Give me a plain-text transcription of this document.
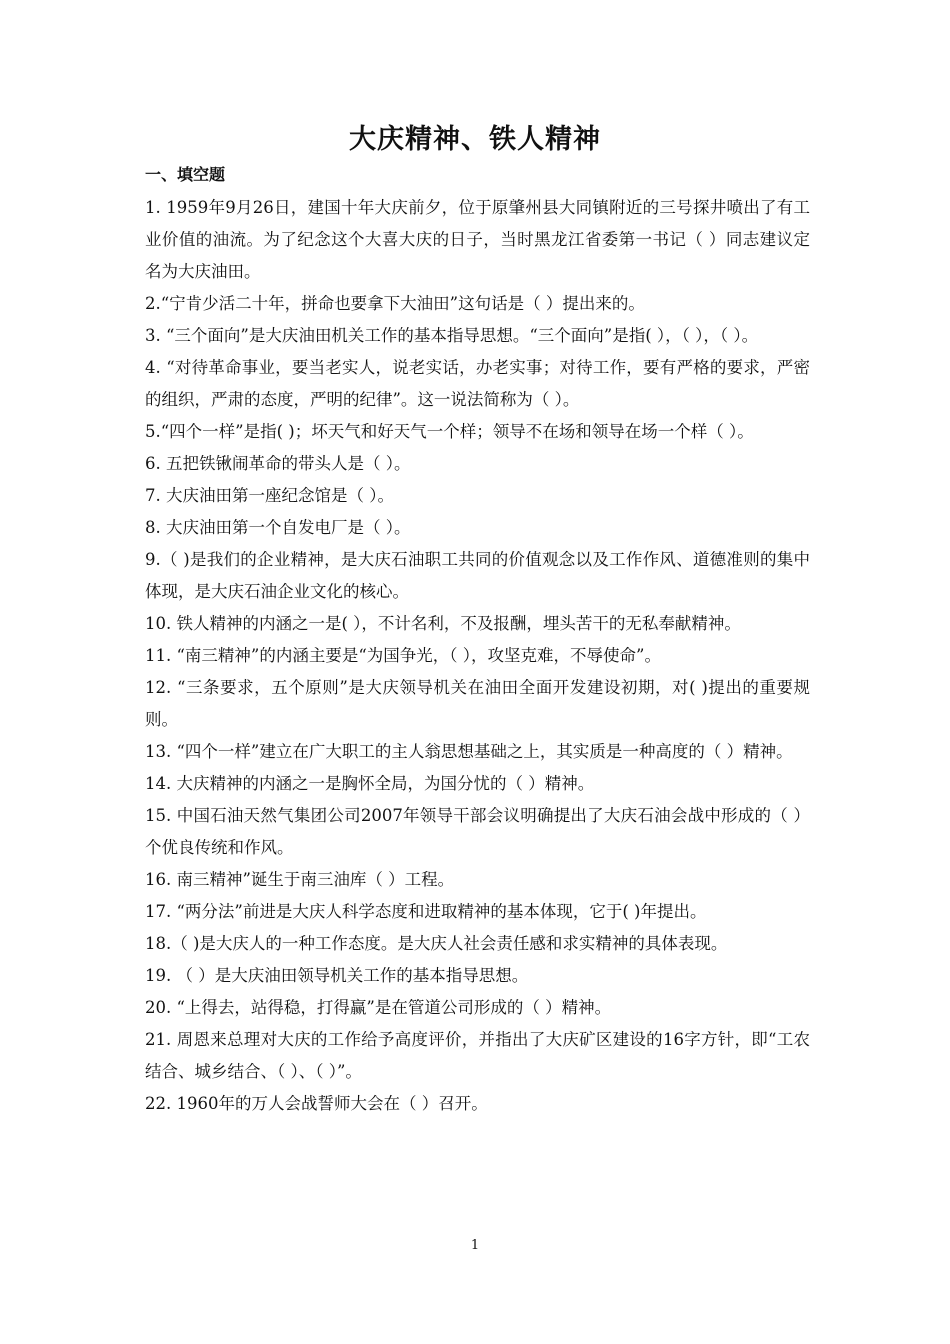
大庆精神、铁人精神
一、填空题

1. 1959年9月26日，建国十年大庆前夕，位于原肇州县大同镇附近的三号探井喷出了有工业价值的油流。为了纪念这个大喜大庆的日子，当时黑龙江省委第一书记（ ）同志建议定名为大庆油田。

2.“宁肯少活二十年，拼命也要拿下大油田”这句话是（ ）提出来的。

3. “三个面向”是大庆油田机关工作的基本指导思想。“三个面向”是指( ），（ ），（ ）。

4. “对待革命事业，要当老实人，说老实话，办老实事；对待工作，要有严格的要求，严密的组织，严肃的态度，严明的纪律”。这一说法简称为（ ）。

5.“四个一样”是指( )；坏天气和好天气一个样；领导不在场和领导在场一个样（ ）。

6. 五把铁锹闹革命的带头人是（ ）。

7. 大庆油田第一座纪念馆是（ ）。

8. 大庆油田第一个自发电厂是（ ）。

9.（ )是我们的企业精神，是大庆石油职工共同的价值观念以及工作作风、道德准则的集中体现，是大庆石油企业文化的核心。

10. 铁人精神的内涵之一是( ），不计名利，不及报酬，埋头苦干的无私奉献精神。

11. “南三精神”的内涵主要是“为国争光，（ ），攻坚克难，不辱使命”。

12. “三条要求，五个原则”是大庆领导机关在油田全面开发建设初期，对( )提出的重要规则。

13. “四个一样”建立在广大职工的主人翁思想基础之上，其实质是一种高度的（ ）精神。

14. 大庆精神的内涵之一是胸怀全局，为国分忧的（ ）精神。

15. 中国石油天然气集团公司2007年领导干部会议明确提出了大庆石油会战中形成的（ ）个优良传统和作风。

16. 南三精神”诞生于南三油库（ ）工程。

17. “两分法”前进是大庆人科学态度和进取精神的基本体现，它于( )年提出。

18.（ )是大庆人的一种工作态度。是大庆人社会责任感和求实精神的具体表现。

19. （ ）是大庆油田领导机关工作的基本指导思想。

20. “上得去，站得稳，打得赢”是在管道公司形成的（ ）精神。

21. 周恩来总理对大庆的工作给予高度评价，并指出了大庆矿区建设的16字方针，即“工农结合、城乡结合、（ ）、（ ）”。

22. 1960年的万人会战誓师大会在（ ）召开。

1
